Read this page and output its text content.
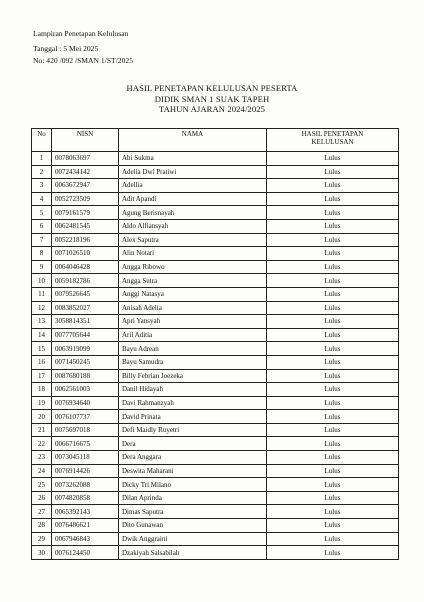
Lampiran Penetapan Kelulusan
Tanggal : 5 Mei 2025
No: 420 /092 /SMAN 1/ST/2025
HASIL PENETAPAN KELULUSAN PESERTA
DIDIK SMAN 1 SUAK TAPEH
TAHUN AJARAN 2024/2025
No	NISN	NAMA	HASIL PENETAPAN KELULUSAN

1	0078063697	Abi Sukma	Lulus
2	0072434142	Adelia Dwi Pratiwi	Lulus
3	0063672947	Adellia	Lulus
4	0052723509	Adit Apandi	Lulus
5	0079161579	Agung Berisnayah	Lulus
6	0062481545	Aldo Alfiansyah	Lulus
7	0052218196	Alex Saputra	Lulus
8	0071026510	Alin Notari	Lulus
9	0064046428	Angga Ribowo	Lulus
10	0059182786	Angga Sutra	Lulus
11	0079526645	Anggi Natasya	Lulus
12	0083852027	Anisah Adelia	Lulus
13	3058814351	Apri Yansyah	Lulus
14	0077705644	Aril Aditia	Lulus
15	0063919099	Bayu Adrean	Lulus
16	0071450245	Bayu Samudra	Lulus
17	0087680188	Billy Febrian Joezeka	Lulus
18	0062561003	Danil Hidayah	Lulus
19	0076934640	Davi Rahmanzyah	Lulus
20	0076107737	David Prinata	Lulus
21	0075697018	Defi Maidly Ruyetri	Lulus
22	0066716675	Dera	Lulus
23	0073045118	Dera Anggara	Lulus
24	0076914426	Deswita Maharani	Lulus
25	0073262088	Dicky Tri Milano	Lulus
26	0074820858	Dilan Aprinda	Lulus
27	0065392143	Dimas Saputra	Lulus
28	0076486621	Dito Gunawan	Lulus
29	0067946843	Dwik Anggraini	Lulus
30	0076124450	Dzakiyah Salsabilah	Lulus
